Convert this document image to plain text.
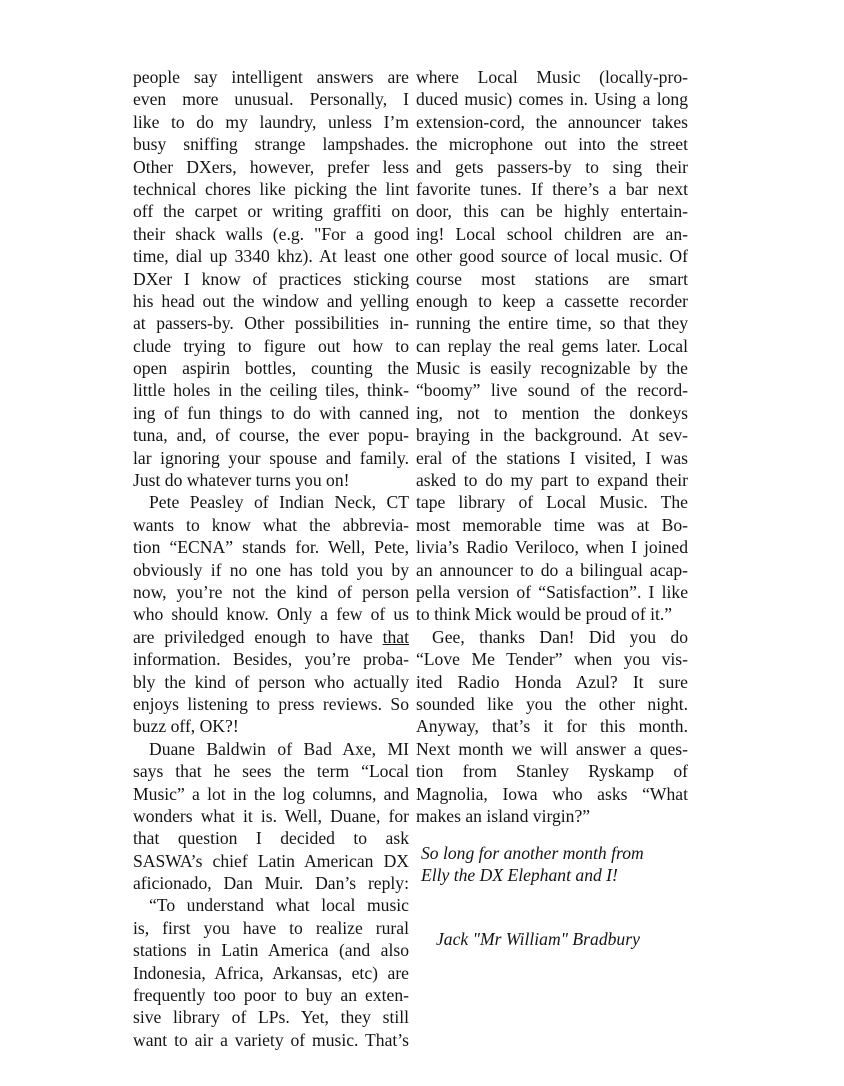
people say intelligent answers are
even more unusual. Personally, I
like to do my laundry, unless I’m
busy sniffing strange lampshades.
Other DXers, however, prefer less
technical chores like picking the lint
off the carpet or writing graffiti on
their shack walls (e.g. "For a good
time, dial up 3340 khz). At least one
DXer I know of practices sticking
his head out the window and yelling
at passers-by. Other possibilities in-
clude trying to figure out how to
open aspirin bottles, counting the
little holes in the ceiling tiles, think-
ing of fun things to do with canned
tuna, and, of course, the ever popu-
lar ignoring your spouse and family.
Just do whatever turns you on!
Pete Peasley of Indian Neck, CT
wants to know what the abbrevia-
tion “ECNA” stands for. Well, Pete,
obviously if no one has told you by
now, you’re not the kind of person
who should know. Only a few of us
are priviledged enough to have that
information. Besides, you’re proba-
bly the kind of person who actually
enjoys listening to press reviews. So
buzz off, OK?!
Duane Baldwin of Bad Axe, MI
says that he sees the term “Local
Music” a lot in the log columns, and
wonders what it is. Well, Duane, for
that question I decided to ask
SASWA’s chief Latin American DX
aficionado, Dan Muir. Dan’s reply:
“To understand what local music
is, first you have to realize rural
stations in Latin America (and also
Indonesia, Africa, Arkansas, etc) are
frequently too poor to buy an exten-
sive library of LPs. Yet, they still
want to air a variety of music. That’s
where Local Music (locally-pro-
duced music) comes in. Using a long
extension-cord, the announcer takes
the microphone out into the street
and gets passers-by to sing their
favorite tunes. If there’s a bar next
door, this can be highly entertain-
ing! Local school children are an-
other good source of local music. Of
course most stations are smart
enough to keep a cassette recorder
running the entire time, so that they
can replay the real gems later. Local
Music is easily recognizable by the
“boomy” live sound of the record-
ing, not to mention the donkeys
braying in the background. At sev-
eral of the stations I visited, I was
asked to do my part to expand their
tape library of Local Music. The
most memorable time was at Bo-
livia’s Radio Veriloco, when I joined
an announcer to do a bilingual acap-
pella version of “Satisfaction”. I like
to think Mick would be proud of it.”
Gee, thanks Dan! Did you do
“Love Me Tender” when you vis-
ited Radio Honda Azul? It sure
sounded like you the other night.
Anyway, that’s it for this month.
Next month we will answer a ques-
tion from Stanley Ryskamp of
Magnolia, Iowa who asks “What
makes an island virgin?”
So long for another month from
Elly the DX Elephant and I!
Jack "Mr William" Bradbury
